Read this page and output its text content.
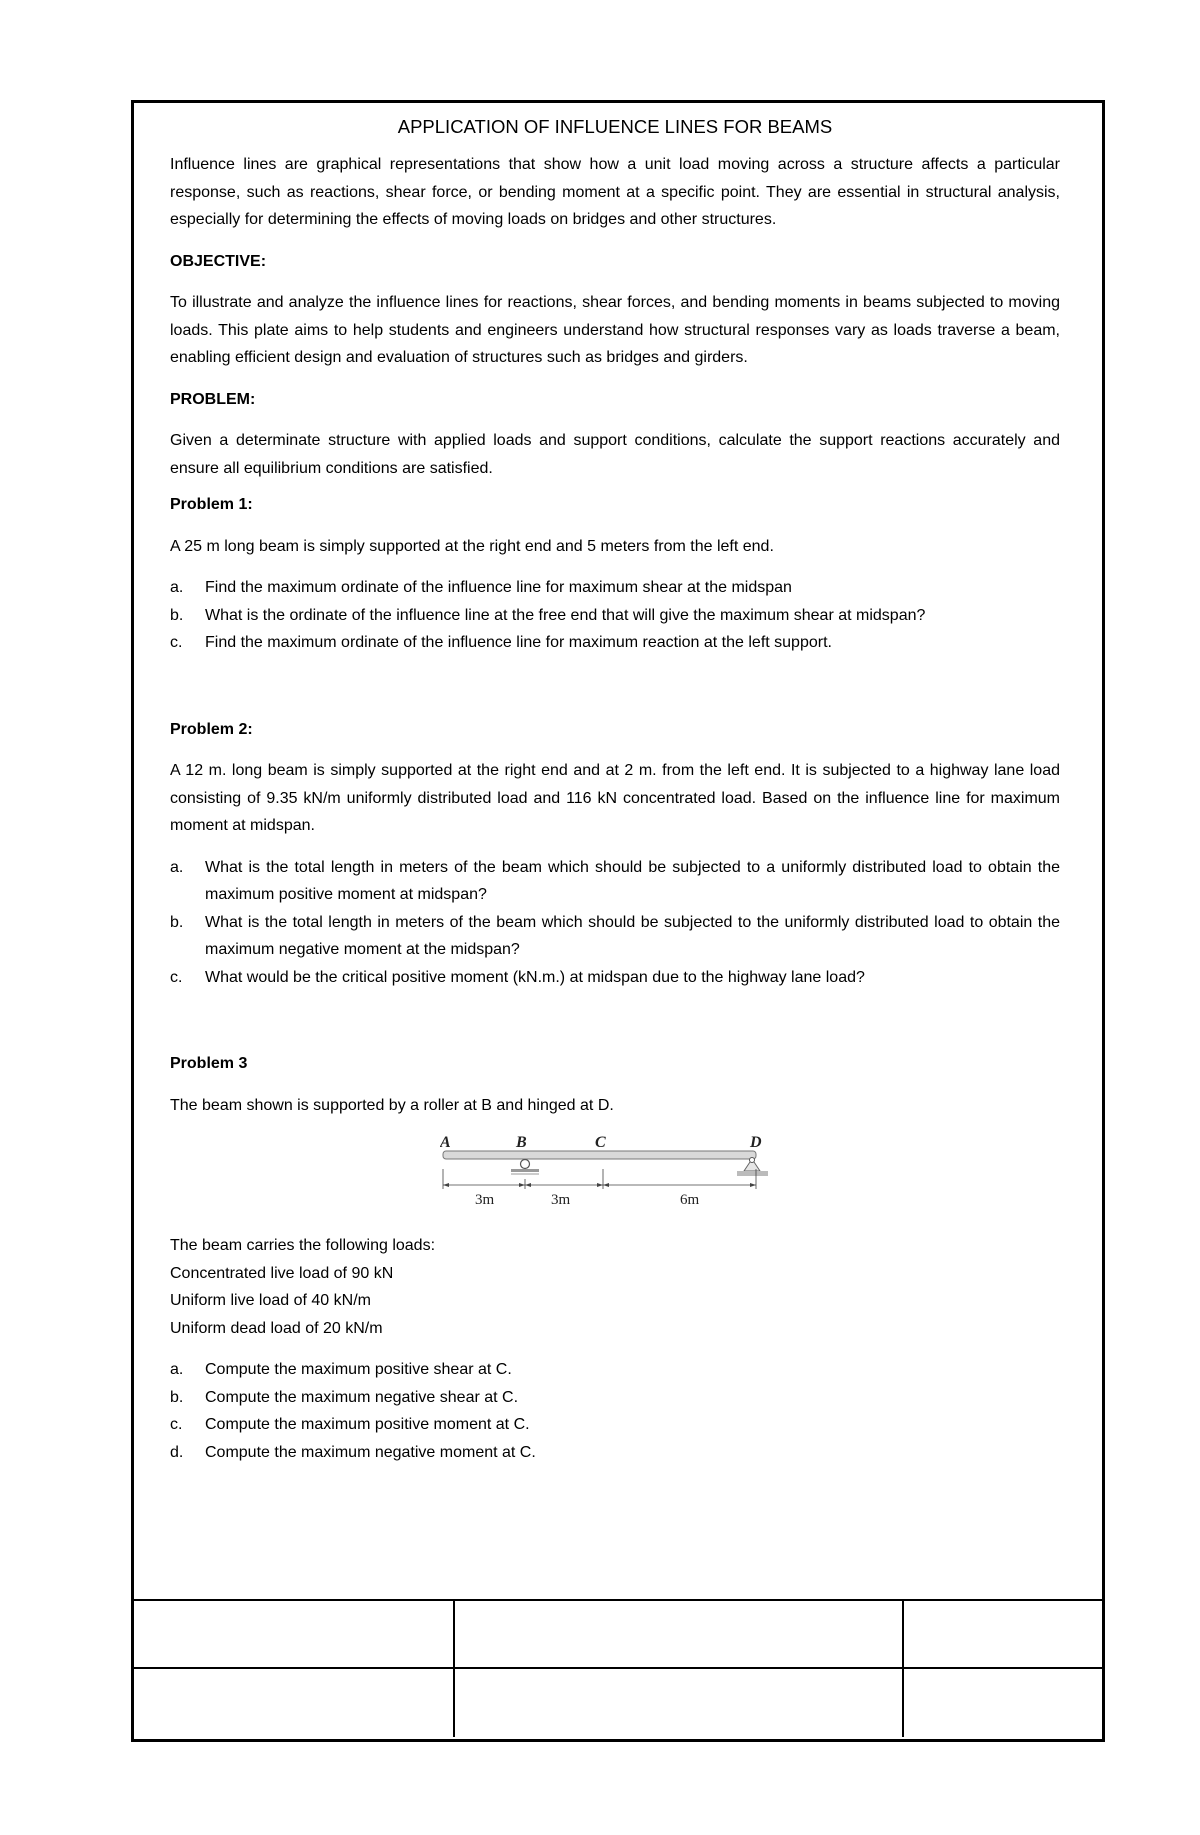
APPLICATION OF INFLUENCE LINES FOR BEAMS

Influence lines are graphical representations that show how a unit load moving across a structure affects a particular response, such as reactions, shear force, or bending moment at a specific point. They are essential in structural analysis, especially for determining the effects of moving loads on bridges and other structures.

OBJECTIVE:

To illustrate and analyze the influence lines for reactions, shear forces, and bending moments in beams subjected to moving loads. This plate aims to help students and engineers understand how structural responses vary as loads traverse a beam, enabling efficient design and evaluation of structures such as bridges and girders.

PROBLEM:

Given a determinate structure with applied loads and support conditions, calculate the support reactions accurately and ensure all equilibrium conditions are satisfied.

Problem 1:

A 25 m long beam is simply supported at the right end and 5 meters from the left end.

a. Find the maximum ordinate of the influence line for maximum shear at the midspan
b. What is the ordinate of the influence line at the free end that will give the maximum shear at midspan?
c. Find the maximum ordinate of the influence line for maximum reaction at the left support.

Problem 2:

A 12 m. long beam is simply supported at the right end and at 2 m. from the left end. It is subjected to a highway lane load consisting of 9.35 kN/m uniformly distributed load and 116 kN concentrated load. Based on the influence line for maximum moment at midspan.

a. What is the total length in meters of the beam which should be subjected to a uniformly distributed load to obtain the maximum positive moment at midspan?
b. What is the total length in meters of the beam which should be subjected to the uniformly distributed load to obtain the maximum negative moment at the midspan?
c. What would be the critical positive moment (kN.m.) at midspan due to the highway lane load?

Problem 3

The beam shown is supported by a roller at B and hinged at D.

A	B	C	D
3m	3m	6m

The beam carries the following loads:

Concentrated live load of 90 kN

Uniform live load of 40 kN/m

Uniform dead load of 20 kN/m

a. Compute the maximum positive shear at C.
b. Compute the maximum negative shear at C.
c. Compute the maximum positive moment at C.
d. Compute the maximum negative moment at C.
